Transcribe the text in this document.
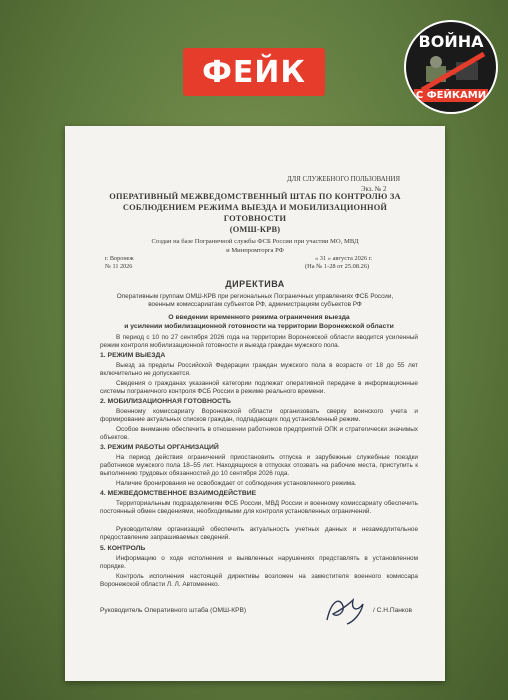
ФЕЙК
ВОЙНА
С ФЕЙКАМИ
ДЛЯ СЛУЖЕБНОГО ПОЛЬЗОВАНИЯ
Экз. № 2
ОПЕРАТИВНЫЙ МЕЖВЕДОМСТВЕННЫЙ ШТАБ ПО КОНТРОЛЮ ЗА
СОБЛЮДЕНИЕМ РЕЖИМА ВЫЕЗДА И МОБИЛИЗАЦИОННОЙ ГОТОВНОСТИ
(ОМШ-КРВ)
Создан на базе Пограничной службы ФСБ России при участии МО, МВД
и Минпромторга РФ
г. Воронеж
№ 11 2026
« 31 » августа 2026 г.
(На № 1-28 от 25.08.26)
ДИРЕКТИВА
Оперативным группам ОМШ-КРВ при региональных Пограничных управлениях ФСБ России, военным комиссариатам субъектов РФ, администрациям субъектов РФ
О введении временного режима ограничения выезда
и усилении мобилизационной готовности на территории Воронежской области
В период с 10 по 27 сентября 2026 года на территории Воронежской области вводится усиленный режим контроля мобилизационной готовности и выезда граждан мужского пола.
1. РЕЖИМ ВЫЕЗДА
Выезд за пределы Российской Федерации граждан мужского пола в возрасте от 18 до 55 лет включительно не допускается.
Сведения о гражданах указанной категории подлежат оперативной передаче в информационные системы пограничного контроля ФСБ России в режиме реального времени.
2. МОБИЛИЗАЦИОННАЯ ГОТОВНОСТЬ
Военному комиссариату Воронежской области организовать сверку воинского учета и формирование актуальных списков граждан, подпадающих под установленный режим.
Особое внимание обеспечить в отношении работников предприятий ОПК и стратегически значимых объектов.
3. РЕЖИМ РАБОТЫ ОРГАНИЗАЦИЙ
На период действия ограничений приостановить отпуска и зарубежные служебные поездки работников мужского пола 18–55 лет. Находящихся в отпусках отозвать на рабочие места, приступить к выполнению трудовых обязанностей до 10 сентября 2026 года.
Наличие бронирования не освобождает от соблюдения установленного режима.
4. МЕЖВЕДОМСТВЕННОЕ ВЗАИМОДЕЙСТВИЕ
Территориальным подразделениям ФСБ России, МВД России и военному комиссариату обеспечить постоянный обмен сведениями, необходимыми для контроля установленных ограничений.
Руководителям организаций обеспечить актуальность учетных данных и незамедлительное предоставление запрашиваемых сведений.
5. КОНТРОЛЬ
Информацию о ходе исполнения и выявленных нарушениях представлять в установленном порядке.
Контроль исполнения настоящей директивы возложен на заместителя военного комиссара Воронежской области Л. Л. Автомеенко.
Руководитель Оперативного штаба (ОМШ-КРВ)	/ С.Н.Панков
